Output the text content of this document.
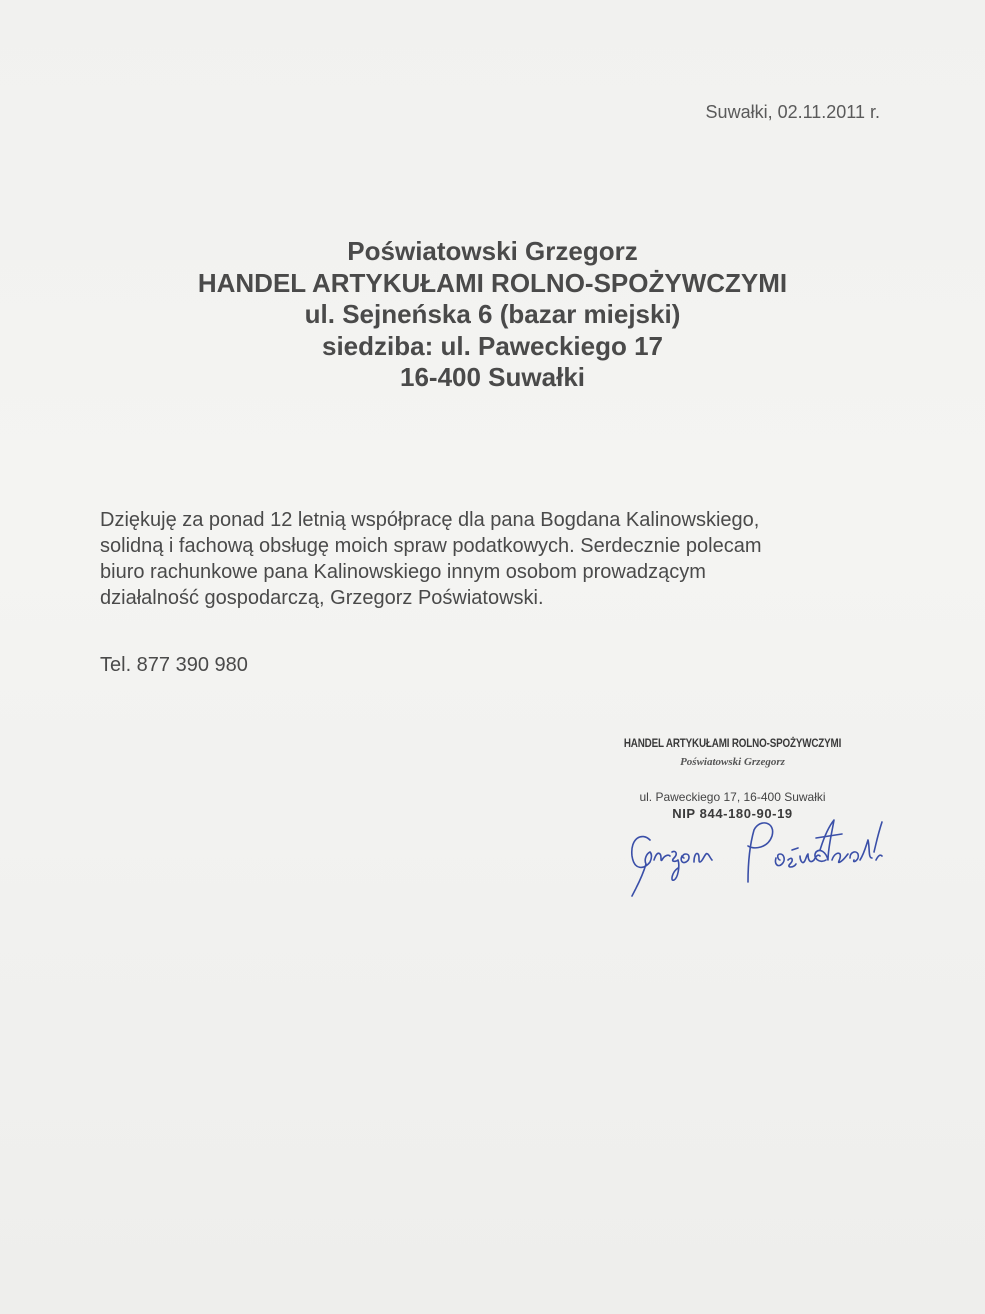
Suwałki, 02.11.2011 r.
Poświatowski Grzegorz
HANDEL ARTYKUŁAMI ROLNO-SPOŻYWCZYMI
ul. Sejneńska 6 (bazar miejski)
siedziba: ul. Paweckiego 17
16-400 Suwałki
Dziękuję za ponad 12 letnią współpracę dla pana Bogdana Kalinowskiego,
solidną i fachową obsługę moich spraw podatkowych. Serdecznie polecam
biuro rachunkowe pana Kalinowskiego innym osobom prowadzącym
działalność gospodarczą, Grzegorz Poświatowski.
Tel. 877 390 980
HANDEL ARTYKUŁAMI ROLNO-SPOŻYWCZYMI
Poświatowski Grzegorz
ul. Paweckiego 17, 16-400 Suwałki
NIP 844-180-90-19
